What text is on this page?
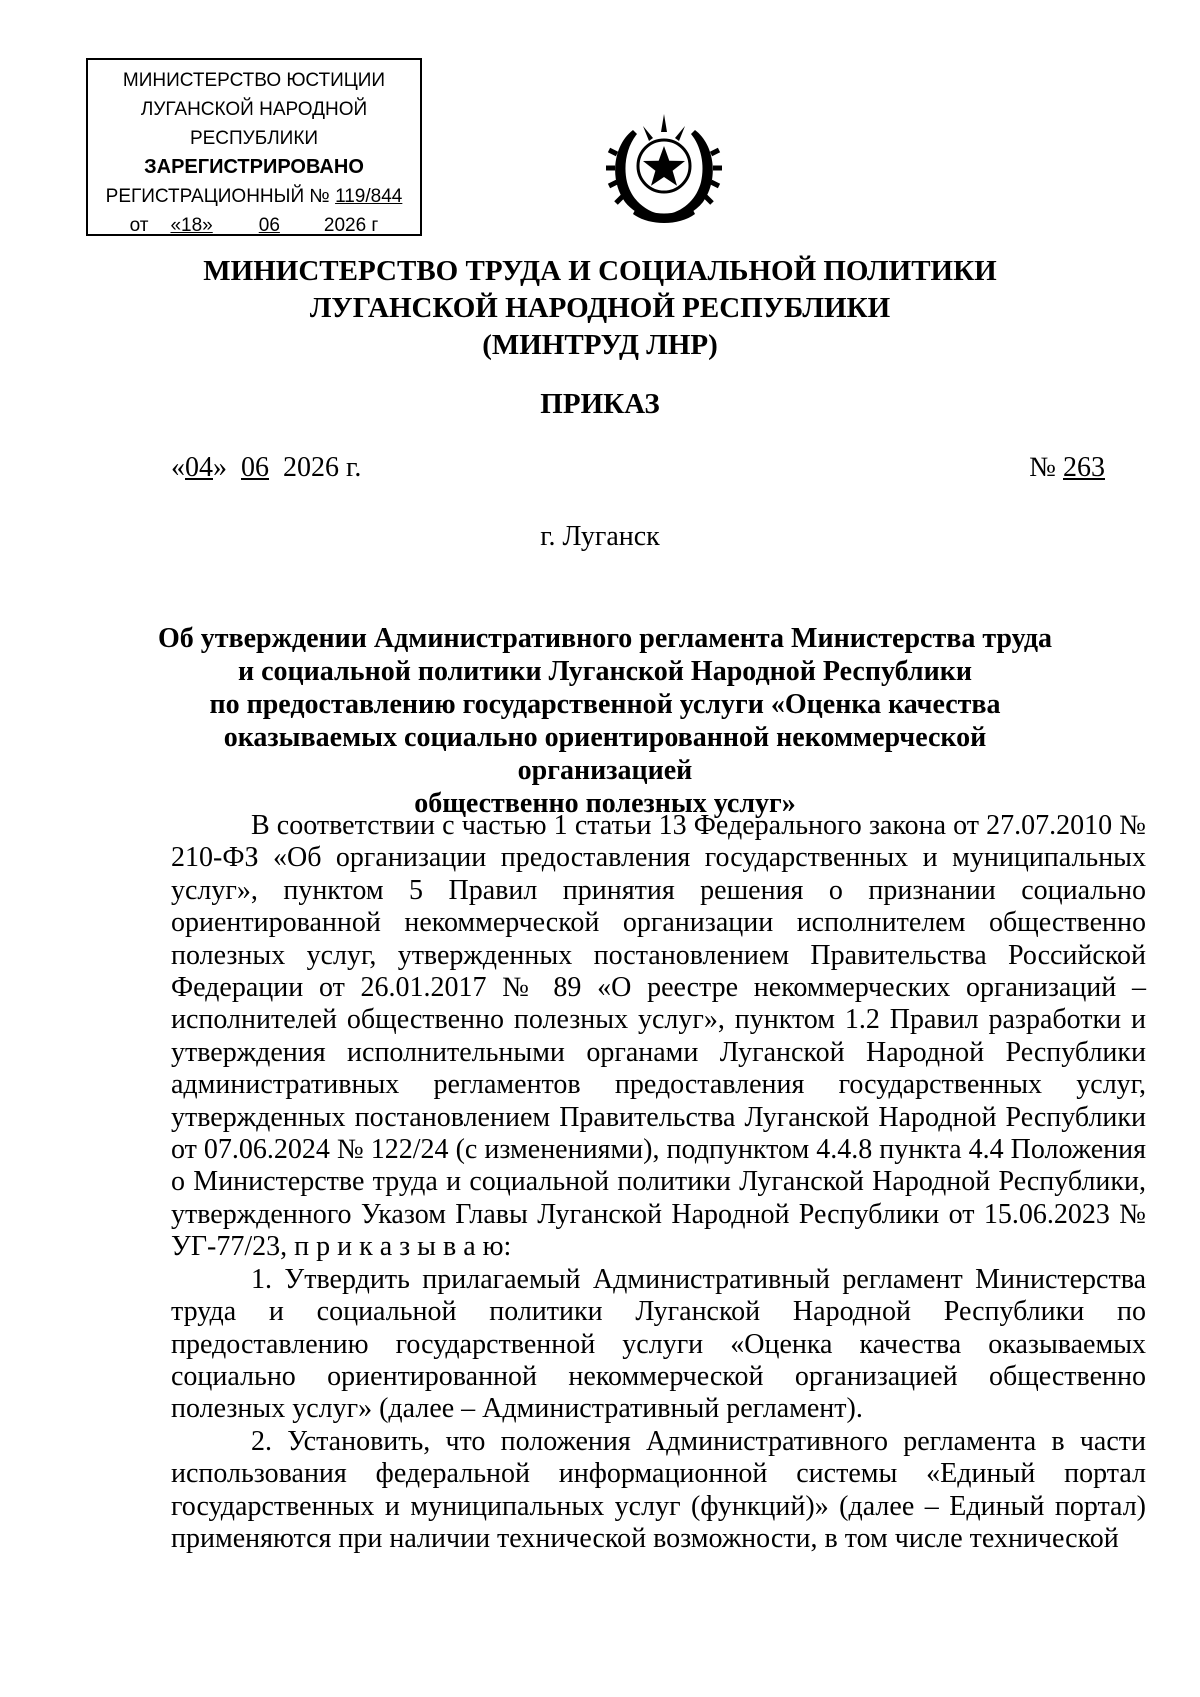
МИНИСТЕРСТВО ЮСТИЦИИ
ЛУГАНСКОЙ НАРОДНОЙ РЕСПУБЛИКИ
ЗАРЕГИСТРИРОВАНО
РЕГИСТРАЦИОННЫЙ № 119/844
от «18»	06	2026 г
МИНИСТЕРСТВО ТРУДА И СОЦИАЛЬНОЙ ПОЛИТИКИ
ЛУГАНСКОЙ НАРОДНОЙ РЕСПУБЛИКИ
(МИНТРУД ЛНР)
ПРИКАЗ
«04»  06 2026 г.	№ 263
г. Луганск
Об утверждении Административного регламента Министерства труда
и социальной политики Луганской Народной Республики
по предоставлению государственной услуги «Оценка качества
оказываемых социально ориентированной некоммерческой организацией
общественно полезных услуг»

В соответствии с частью 1 статьи 13 Федерального закона от 27.07.2010 № 210-ФЗ «Об организации предоставления государственных и муниципальных услуг», пунктом 5 Правил принятия решения о признании социально ориентированной некоммерческой организации исполнителем общественно полезных услуг, утвержденных постановлением Правительства Российской Федерации от 26.01.2017 № 89 «О реестре некоммерческих организаций – исполнителей общественно полезных услуг», пунктом 1.2 Правил разработки и утверждения исполнительными органами Луганской Народной Республики административных регламентов предоставления государственных услуг, утвержденных постановлением Правительства Луганской Народной Республики от 07.06.2024 № 122/24 (с изменениями), подпунктом 4.4.8 пункта 4.4 Положения о Министерстве труда и социальной политики Луганской Народной Республики, утвержденного Указом Главы Луганской Народной Республики от 15.06.2023 № УГ-77/23, п р и к а з ы в а ю:

1. Утвердить прилагаемый Административный регламент Министерства труда и социальной политики Луганской Народной Республики по предоставлению государственной услуги «Оценка качества оказываемых социально ориентированной некоммерческой организацией общественно полезных услуг» (далее – Административный регламент).

2. Установить, что положения Административного регламента в части использования федеральной информационной системы «Единый портал государственных и муниципальных услуг (функций)» (далее – Единый портал) применяются при наличии технической возможности, в том числе технической
